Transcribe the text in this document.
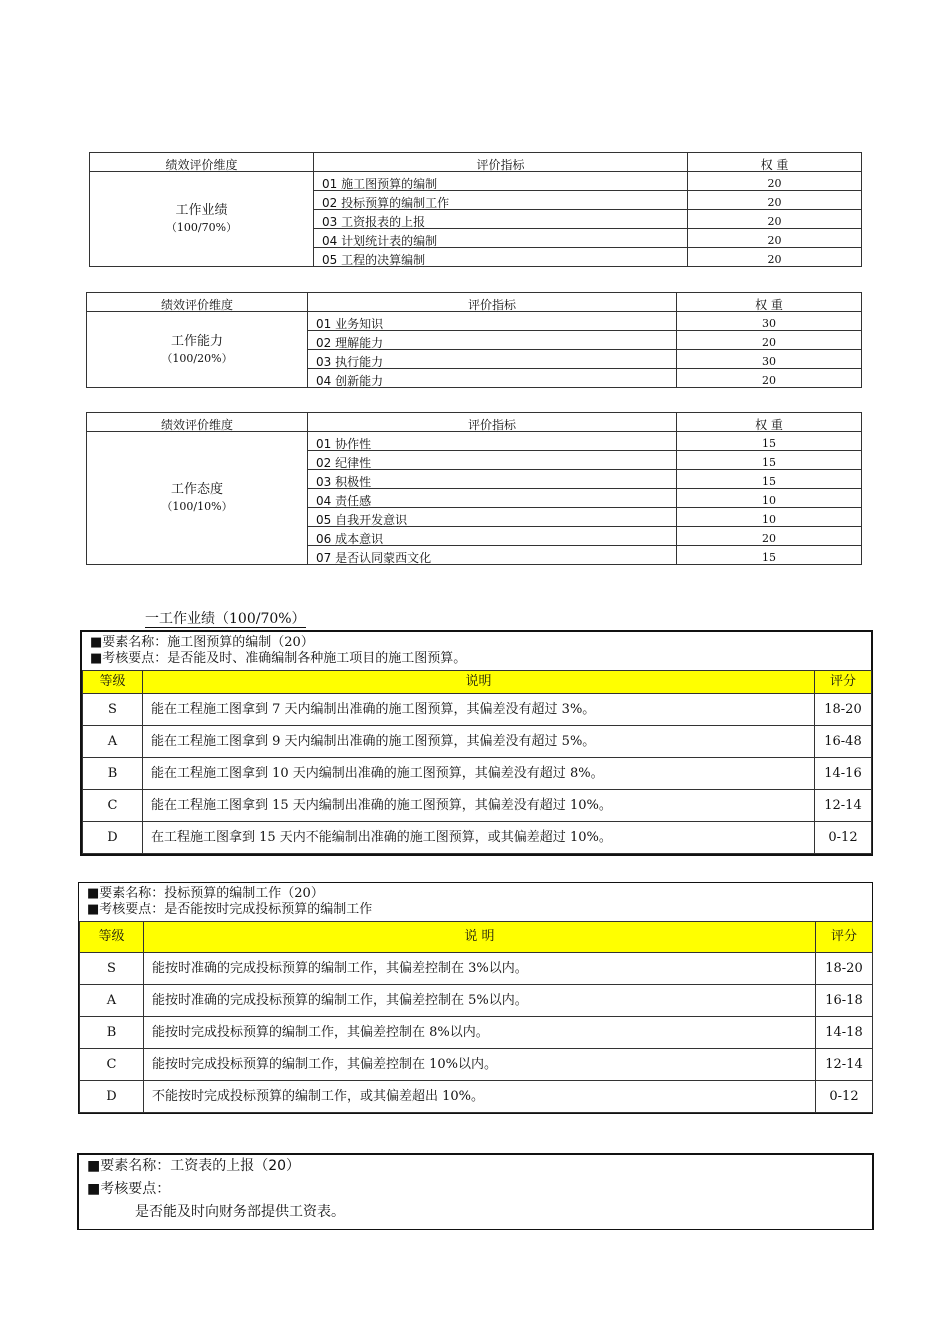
绩效评价维度	评价指标	权 重

工作业绩
（100/70%）	01 施工图预算的编制	20
	02 投标预算的编制工作	20
	03 工资报表的上报	20
	04 计划统计表的编制	20
	05 工程的决算编制	20
绩效评价维度	评价指标	权 重

工作能力
（100/20%）	01 业务知识	30
	02 理解能力	20
	03 执行能力	30
	04 创新能力	20
绩效评价维度	评价指标	权 重

工作态度
（100/10%）	01 协作性	15
	02 纪律性	15
	03 积极性	15
	04 责任感	10
	05 自我开发意识	10
	06 成本意识	20
	07 是否认同蒙西文化	15
一工作业绩（100/70%）
■要素名称：施工图预算的编制（20）
■考核要点：是否能及时、准确编制各种施工项目的施工图预算。
等级	说明	评分
S	能在工程施工图拿到 7 天内编制出准确的施工图预算，其偏差没有超过 3%。	18-20
A	能在工程施工图拿到 9 天内编制出准确的施工图预算，其偏差没有超过 5%。	16-48
B	能在工程施工图拿到 10 天内编制出准确的施工图预算，其偏差没有超过 8%。	14-16
C	能在工程施工图拿到 15 天内编制出准确的施工图预算，其偏差没有超过 10%。	12-14
D	在工程施工图拿到 15 天内不能编制出准确的施工图预算，或其偏差超过 10%。	0-12
■要素名称：投标预算的编制工作（20）
■考核要点：是否能按时完成投标预算的编制工作
等级	说 明	评分
S	能按时准确的完成投标预算的编制工作，其偏差控制在 3%以内。	18-20
A	能按时准确的完成投标预算的编制工作，其偏差控制在 5%以内。	16-18
B	能按时完成投标预算的编制工作，其偏差控制在 8%以内。	14-18
C	能按时完成投标预算的编制工作，其偏差控制在 10%以内。	12-14
D	不能按时完成投标预算的编制工作，或其偏差超出 10%。	0-12
■要素名称：工资表的上报（20）
■考核要点：
是否能及时向财务部提供工资表。
